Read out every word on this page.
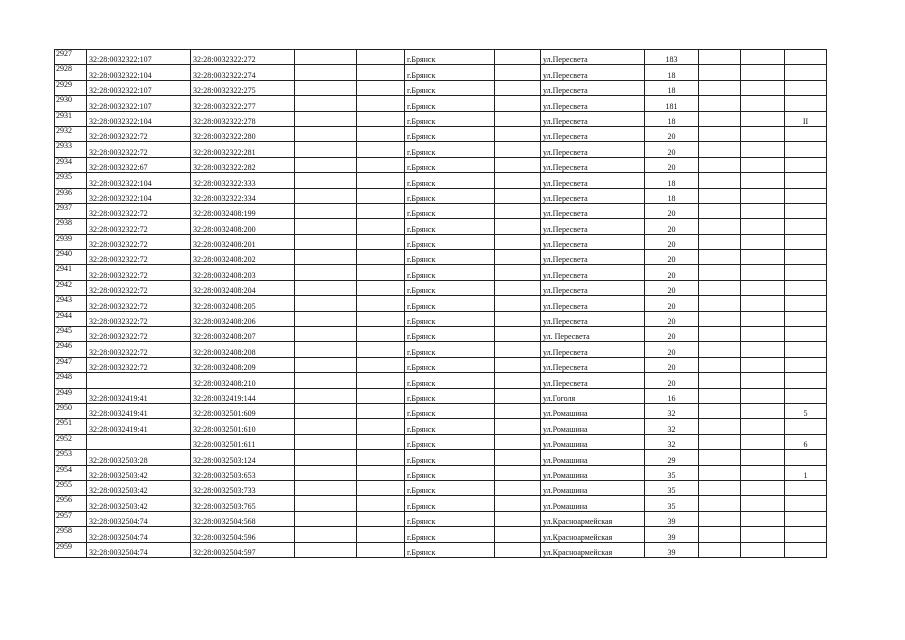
2927	32:28:0032322:107	32:28:0032322:272			г.Брянск		ул.Пересвета	183			
2928	32:28:0032322:104	32:28:0032322:274			г.Брянск		ул.Пересвета	18			
2929	32:28:0032322:107	32:28:0032322:275			г.Брянск		ул.Пересвета	18			
2930	32:28:0032322:107	32:28:0032322:277			г.Брянск		ул.Пересвета	181			
2931	32:28:0032322:104	32:28:0032322:278			г.Брянск		ул.Пересвета	18			II
2932	32:28:0032322:72	32:28:0032322:280			г.Брянск		ул.Пересвета	20			
2933	32:28:0032322:72	32:28:0032322:281			г.Брянск		ул.Пересвета	20			
2934	32:28:0032322:67	32:28:0032322:282			г.Брянск		ул.Пересвета	20			
2935	32:28:0032322:104	32:28:0032322:333			г.Брянск		ул.Пересвета	18			
2936	32:28:0032322:104	32:28:0032322:334			г.Брянск		ул.Пересвета	18			
2937	32:28:0032322:72	32:28:0032408:199			г.Брянск		ул.Пересвета	20			
2938	32:28:0032322:72	32:28:0032408:200			г.Брянск		ул.Пересвета	20			
2939	32:28:0032322:72	32:28:0032408:201			г.Брянск		ул.Пересвета	20			
2940	32:28:0032322:72	32:28:0032408:202			г.Брянск		ул.Пересвета	20			
2941	32:28:0032322:72	32:28:0032408:203			г.Брянск		ул.Пересвета	20			
2942	32:28:0032322:72	32:28:0032408:204			г.Брянск		ул.Пересвета	20			
2943	32:28:0032322:72	32:28:0032408:205			г.Брянск		ул.Пересвета	20			
2944	32:28:0032322:72	32:28:0032408:206			г.Брянск		ул.Пересвета	20			
2945	32:28:0032322:72	32:28:0032408:207			г.Брянск		ул. Пересвета	20			
2946	32:28:0032322:72	32:28:0032408:208			г.Брянск		ул.Пересвета	20			
2947	32:28:0032322:72	32:28:0032408:209			г.Брянск		ул.Пересвета	20			
2948		32:28:0032408:210			г.Брянск		ул.Пересвета	20			
2949	32:28:0032419:41	32:28:0032419:144			г.Брянск		ул.Гоголя	16			
2950	32:28:0032419:41	32:28:0032501:609			г.Брянск		ул.Ромашина	32			5
2951	32:28:0032419:41	32:28:0032501:610			г.Брянск		ул.Ромашина	32			
2952		32:28:0032501:611			г.Брянск		ул.Ромашина	32			6
2953	32:28:0032503:28	32:28:0032503:124			г.Брянск		ул.Ромашина	29			
2954	32:28:0032503:42	32:28:0032503:653			г.Брянск		ул.Ромашина	35			1
2955	32:28:0032503:42	32:28:0032503:733			г.Брянск		ул.Ромашина	35			
2956	32:28:0032503:42	32:28:0032503:765			г.Брянск		ул.Ромашина	35			
2957	32:28:0032504:74	32:28:0032504:568			г.Брянск		ул.Красноармейская	39			
2958	32:28:0032504:74	32:28:0032504:596			г.Брянск		ул.Красноармейская	39			
2959	32:28:0032504:74	32:28:0032504:597			г.Брянск		ул.Красноармейская	39			
